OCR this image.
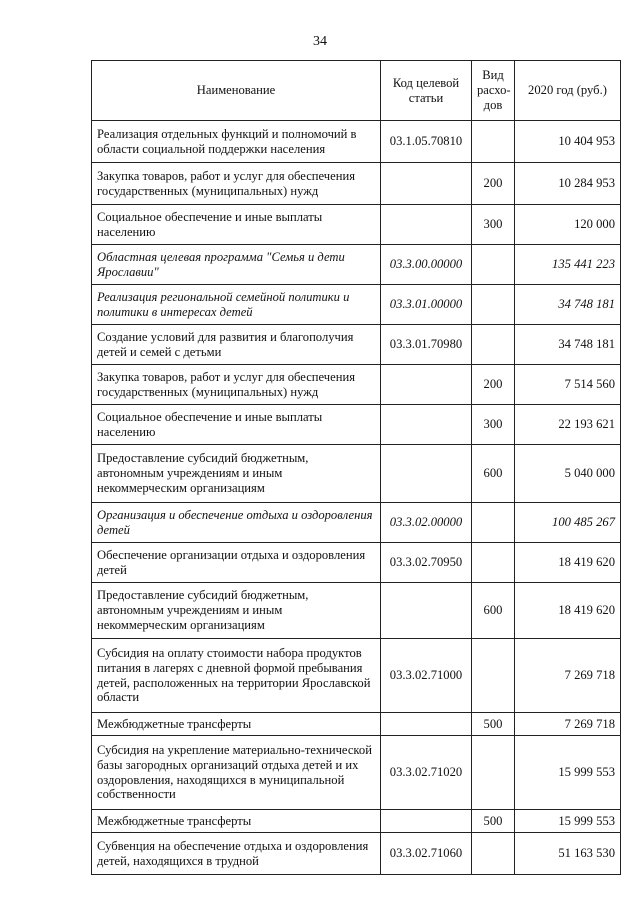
34
Наименование	Код целевой статьи	Вид расхо-дов	2020 год (руб.)
Реализация отдельных функций и полномочий в области социальной поддержки населения	03.1.05.70810		10 404 953
Закупка товаров, работ и услуг для обеспечения государственных (муниципальных) нужд		200	10 284 953
Социальное обеспечение и иные выплаты населению		300	120 000
Областная целевая программа "Семья и дети Ярославии"	03.3.00.00000		135 441 223
Реализация региональной семейной политики и политики в интересах детей	03.3.01.00000		34 748 181
Создание условий для развития и благополучия детей и семей с детьми	03.3.01.70980		34 748 181
Закупка товаров, работ и услуг для обеспечения государственных (муниципальных) нужд		200	7 514 560
Социальное обеспечение и иные выплаты населению		300	22 193 621
Предоставление субсидий бюджетным, автономным учреждениям и иным некоммерческим организациям		600	5 040 000
Организация и обеспечение отдыха и оздоровления детей	03.3.02.00000		100 485 267
Обеспечение организации отдыха и оздоровления детей	03.3.02.70950		18 419 620
Предоставление субсидий бюджетным, автономным учреждениям и иным некоммерческим организациям		600	18 419 620
Субсидия на оплату стоимости набора продуктов питания в лагерях с дневной формой пребывания детей, расположенных на территории Ярославской области	03.3.02.71000		7 269 718
Межбюджетные трансферты		500	7 269 718
Субсидия на укрепление материально-технической базы загородных организаций отдыха детей и их оздоровления, находящихся в муниципальной собственности	03.3.02.71020		15 999 553
Межбюджетные трансферты		500	15 999 553
Субвенция на обеспечение отдыха и оздоровления детей, находящихся в трудной	03.3.02.71060		51 163 530
